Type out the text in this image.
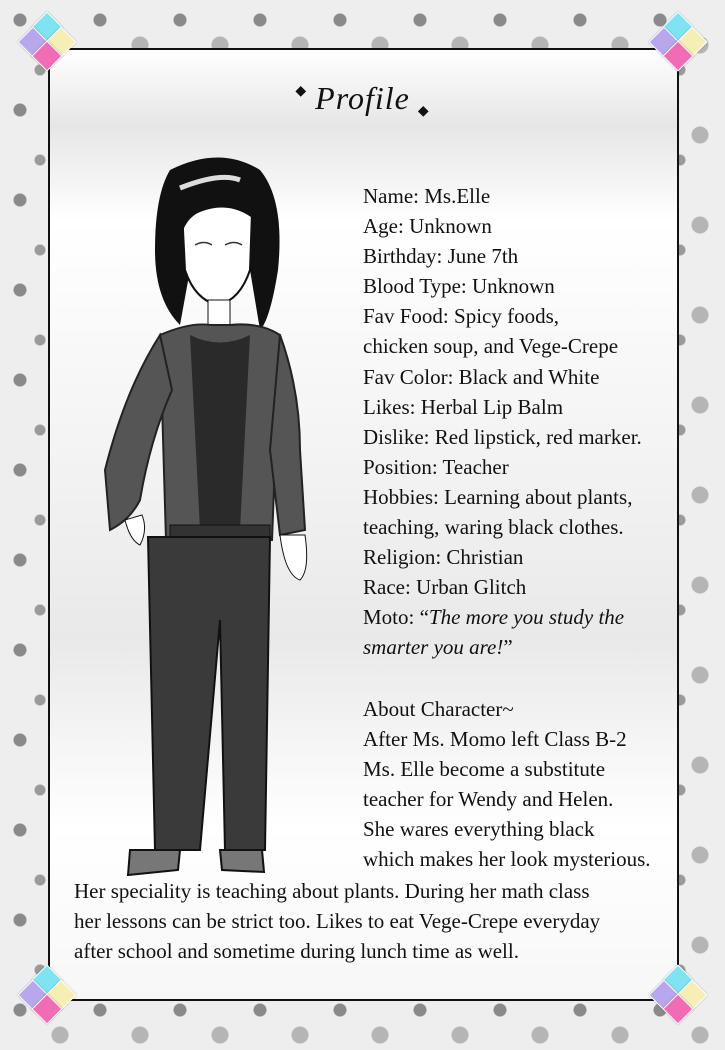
◆ Profile ◆
Name: Ms.Elle
Age: Unknown
Birthday: June 7th
Blood Type: Unknown
Fav Food: Spicy foods,
chicken soup, and Vege-Crepe
Fav Color: Black and White
Likes: Herbal Lip Balm
Dislike: Red lipstick, red marker.
Position: Teacher
Hobbies: Learning about plants,
teaching, waring black clothes.
Religion: Christian
Race: Urban Glitch
Moto: “The more you study the
smarter you are!”
About Character~
After Ms. Momo left Class B-2
Ms. Elle become a substitute
teacher for Wendy and Helen.
She wares everything black
which makes her look mysterious.
Her speciality is teaching about plants. During her math class
her lessons can be strict too. Likes to eat Vege-Crepe everyday
after school and sometime during lunch time as well.
